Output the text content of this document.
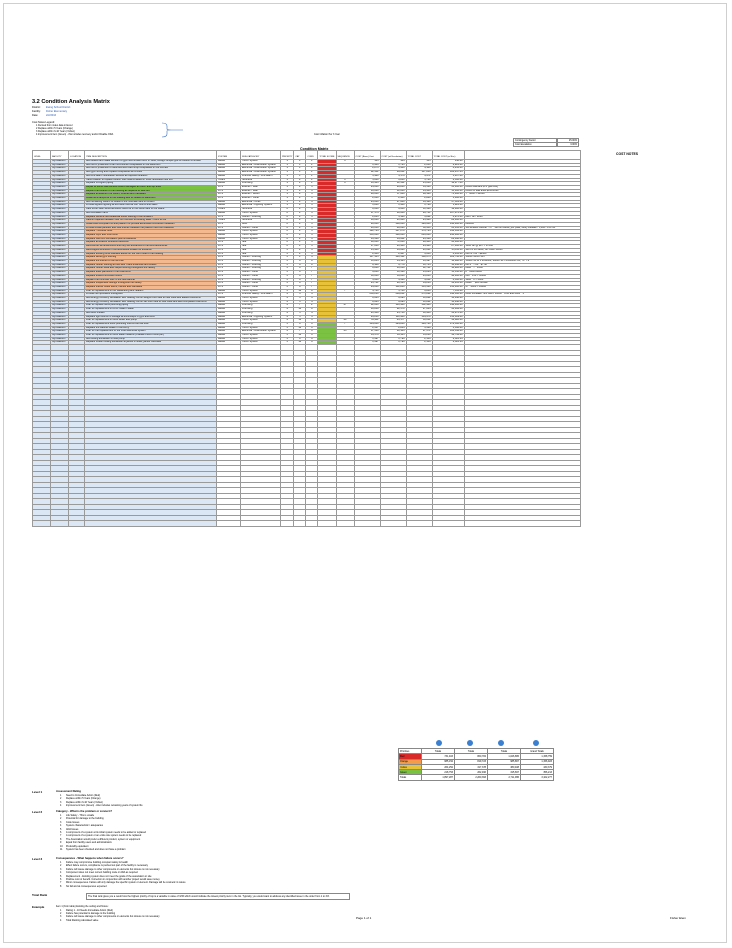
3.2 Condition Analysis Matrix
District: Ewing School District
Facility: Fisher Elementary
Date:	2/2/2016
Cost Notes Legend:
1 Derived from index data in Excel
2 Replace within 5 Years (Change)
3 Replace within 6-10 Years (Yellow)
4 Improvement Item (Green) - this includes recovery and/or Disable ODA	Cost Inflation Per 3 Year
Contingency Factor	25.00%
Cost Escalation	3.00%
Condition Matrix
COST NOTES
LEVEL	FACILITY	LOCATION	ITEM DESCRIPTION	SYSTEM	SUB-CATEGORY	PRIORITY	CAT	COND	TOTAL SCORE	SEQUENCE	COST (Base) Cost	COST (w/ Escalation)	TOTAL COST	TOTAL COST (w/ Esc)	
	Gymnasium		Add outlets and make sensors to gym and smoke room in 1996, Design Scope type w/ bottom to smoke	ME+E	HVAC System	1	1	1		0	133	144	155	158.40	
	Gymnasium		Add GFCI protection to all non-counter receptacles in the bathroom	ME+E	Electrical - Distribution System	1	1	1			1,436	1,723	2,050	2,225.00	
	Gymnasium		Add GFCI protection of switches and fixed shop receptacles in the Kitchen	ME+E	Electrical - Distribution System	1	1	1			2,873	3,446	4,100	4,453.00	
	Gymnasium		Add gym wiring and replace receptacles all circuits	ME+E	Electrical - Distribution System	1	1	1			82,502	99,002	117,800	128,447.34	
	Gymnasium		Add Fire alarm notification devices at required locations	ME+E	Fire/Life Safety - Fire Alarm	1	1	1			3,480	4,176	4,971	5,407.00	
	Gymnasium		Have retainer to replace bottom floor beams added in 1996 renovation wie incr	HCES	Structure	1	2	1		0	5,000	6,800	5,760	6,500.00	
	Gymnasium		Replace 10-figure piping	ME+E	Plumbing	1	2	1		0	10,443	12,532	15,038	16,977.00	
	Gymnasium		Repair at stone stair/window where damaged at return and top area	BTS	Exterior - Wall	1	2	3			24,000	28,800	34,560	35,000.00	25000 wall and $75 (per/650)
	Gymnasium		Repoint the exterior of the building as required to seal out	BTS	Exterior - Wall	1	2	3			10,000	12,000	14,400	15,000.00	25000 sf wall area $3/1250SF
	Gymnasium		Replace all Exterior HM Doors, Frames and Hardware	BTS	Exterior - Doors	1	2	3			48,000	57,600	69,120	75,000.00	7 * 6000 = 42000
	Gymnasium		Install GFR lamps tie in the building and fix outlets in bathroom	BTS	Exterior - Other	1	2	3			2,000	2,400	2,880	3,000.00	
	Gymnasium		Add remaining cavern of heads in the mountain and lift covers	ME+E	Electrical - Other	1	2	3			23,000	27,600	33,120	37,581.00	
	Gymnasium		Provide egress lighting at exit doors and at corr rooms and stairs	ME+E	Electrical - Lighting System	1	2	3			1,200	1,440	1,728	1,925.00	
	Gymnasium		Cast scrub stein wood demolish block tie in the south face of the board	HCES	Structure	2	2	3			8,000	9,600	11,520	12,800.00	
	Gymnasium		Add ventilation fans	ME+E	HVAC System	2	2	3			67,174	80,609	96,731	107,476.00	
	Gymnasium		Replace ceramic and seasonal stone flooring in the showers	BTS	Interior - Flooring	2	2	3			2,843	3,160	3,822	4,270.00	2887 SF / 2840
	Gymnasium		Cast-in required between floor off mid-shift to existing walls - room to the	HCES	Structure	2	2	3			18,000	21,600	25,920	28,000.00	
	Gymnasium		Install ADA-compliant lift and platform to provide accessible connection between	BTS	ADA	2	2	3			90,000	108,000	129,600	140,000.00	000000
	Gymnasium		Provide a wall partition and new interior between the platform and the Cafeteria	BTS	Interior - Other	2	2	3			40,050	48,060	58,950	65,163.00	1/8 window counter - 57 * 120 sm Block, jolt (stair, stuff) mediate - 5,000 / 150 SF
	Gymnasium		Replace - Window units	ME+E	HVAC System	2	2	3			122,724	147,270	176,724	196,364.00	
	Gymnasium		Replace Gym and Pool units	ME+E	HVAC System	2	2	3			150,000	180,000	216,000	240,000.00	
	Gymnasium		Replace cast iron ventilation pool at cafeteria	ME+E	HVAC System	2	2	3			16,368	19,642	23,568	26,188.00	
	Gymnasium		Replace all exterior entrance electrical	BTS	Site	2	1	3			60,000	72,000	86,400	95,000.00	
	Gymnasium		Reconstruct all dimensions and fully MA entrances to the ADA documents	BTS	Site	2	2	3			17,000	20,400	24,480	27,000.00	1000 SF @ $17 = 17000
	Gymnasium		Reconfigure entrance in the accessible location to entrance	BTS	Site	3	2	3			13,400	16,080	21,021	23,911.00	900 LF 20 stone, 8K cover 15000
	Gymnasium		Replace existing brick stairwell above on the north side of the building	BTS	Site	3	2	3			2,456	2,947	3,650	4,035.00	000 sf 700 - $2400
	Gymnasium		Replace wood gym flooring	BTS	Interior - Flooring	3	1	4			117,135	140,562	168,675	186,736.40	15220 SF/11.135
	Gymnasium		Replace the interior of the rec-hall	BTS	Interior - Flooring	3	8	8			11,804	14,165	16,997	18,888.00	15080 SF M x 2011004, 28000 SF x 2600000 Cls, 70* TS
	Gymnasium		Replace rubber flooring at both and Track ensemble and shelter	BTS	Interior - Flooring	3	8	8			8,148	9,778	11,733	13,036.00	0074 * 7.00 * $7.40
	Gymnasium		Replace rubber base and carpet flooring throughout the facility	BTS	Interior - Flooring	3	9	7			8,840	10,618	12,741	14,228.00	2680 * 7 * 2000
	Gymnasium		Replace toilet partitions in the restrooms	BTS	Interior - Other	3	9	7			9,800	11,520	13,824	15,350.00	8 * 1200=9600
	Gymnasium		Replace lockers at Locker Room	BTS	Interior - Other	3	8	7			30,000	36,000	43,200	48,000.00	200 * 150 = 30000
	Gymnasium		Repaint the concrete floor in the Mechanical	BTS	Interior - Flooring	3	9	7			3,600	4,320	4,032	4,500.00	1800 * 2 = 3600
	Gymnasium		Replace suspended ceilings throughout the facility	BTS	Interior - Other	3	9	7			23,761	28,513	34,216	38,465.00	23887 * $11 x1011e
	Gymnasium		Replace interior wood doors, frames and hardware	BTS	Interior - Other	3	9	7			94,000	112,800	135,360	150,000.00	47 * 2000 = 94000
	Gymnasium		Plan for replacement of the Weathering and heaters	ME+E	HVAC System	3	11	9		7	4,700	5,700	6,800	7,555.00	
	Gymnasium		Provide fire sprinklers throughout	BTS	Fire/Life Safety - Fire Alarm	4	3	4			258,210	309,852	371,822	418,318.00	6318 sm/water. 5Inf oven. 10000 * 9.00 and 6000 * 1
	Gymnasium		Add energy recovery ventilation with heating coil on weight room due to new code and added restrooms	ME+E	HVAC System	4	3	4			8,083	9,693	11,862	13,038.00	
	Gymnasium		Add energy recovery ventilation with heating coil on set room due to new code and also completed restrooms	ME+E	HVAC System	4	3	4			8,083	9,693	11,862	13,038.00	
	Gymnasium		Plan for replace slshs plumbing piping	ME+E	Plumbing	4	7	2		47	92,000	110,400	132,480	148,000.00	
	Gymnasium		Plan for replacement of DHW Water Heater	ME+E	Plumbing	4	11	9			18,808	22,570	27,084	30,094.00	
	Gymnasium		Add ADA shower	ME+E	Plumbing	4	5	4			21,458	25,750	30,900	34,270.00	
	Gymnasium		Replace light source in storage at extra steps in gym and ADA	ME+E	Electrical - Lighting System	4	5	4			93,250	111,900	134,970	150,389.00	
	Gymnasium		Plan for replacement of 2000 Boiler and pump	ME+E	HVAC System	4	11	3		20	35,911	43,177	50,012	58,028.00	
	Gymnasium		Plan for replacement 2000 plumbing Pan-ss out low flow	ME+E	Plumbing	5	9	6		7	104,000	124,800	149,760	176,500.00	
	Gymnasium		Replace the cabinet heater in the entry	ME+E	HVAC System	5	11	6			2,337	2,804	3,329	3,566.00	
	Gymnasium		Plan for the replacement of the 1996 electrical system	ME+E	Electrical - Distribution System	4	7	6		23	67,510	81,143	97,371	108,542.00	
	Gymnasium		Plan for replacement of 2000 water heaters (2 lauders and 2 units per)	ME+E	HVAC System	5	11	6			35,576	43,115	55,210	58,732.00	
	Gymnasium		Add ceiling exhauster to fluid pump	ME+E	HVAC System	5	9	6			1,497	1,796	2,156	2,523.14	
	Gymnasium		Replace broken ceiling exhauster at janitor's closet, janitor carousell	ME+E	HVAC System	5	11	6			1,497	1,796	2,156	2,523.14	

Priorities	Totals	Totals	Totals	Grand Totals
Red	731,403	860,784	1,026,865	1,158,759
Orange	685,152	819,723	985,867	1,156,923
Yellow	264,252	317,378	380,408	430,379
Green	218,753	262,496	315,697	356,213
Totals	1,897,287	2,260,393	2,711,995	3,102,277
Level 1	Assessment Rating
1 Need to Immediate Action (Red)
2 Replace within 5 Years (Orange)
3 Replace within 6-10 Years (Yellow)
4 Improvement Item (Green) - Also includes remaining years of system life
Level 2	Category - What is the problem or concern?
1 Life Safety - This is unsafe
2 Potential for damage to the building
3 Code Issues
4 System characteristic / adequacies
5 ADA Issues
6 A component of a system at its initial system needs to be added or replaced
7 A component of a system or an entire site system needs to be replaced
8 The Association would prefer a different product, system or equipment
9 Equal from facility users and administrators
10 Preferably equivalent
11 System has been checked and does not have a problem
Level 3	Consequences - What happens when failure occurs?
1 Failure may compromise building occupant safety & health
2 Effect failure occurs, compliance is pushed out part of the facility is necessary
3 Failure will cause damage to other components or elements but closure is not necessary
4 Component does not meet current building code or ADA as required
5 Replacement - Existing system does not meet the goals of the association or site
6 Positive cost or benefit. Correction in conjunction with another project would save money
7 Minor consequences. Failure will only damage the specific system or element. Damage will be cosmetic in nature
8 No fail and at consequences expected
Total Rank	The final rank gives you a result how the highest priority of top is a variable in value of 3/36 which would indicate the lowest priority item in the list. Typically, you would want to address any identified issue in the order from 1 to 3/3.
Example	Item 1 (from table) Existing the ceiling and fixture:
1 Rating 1 - 10 Needs Immediate Action (Red)
2 Failure has potential to damage to the building
3 Failure will cause damage to other components or elements but closure is not necessary
4 Total Ranking calculated value
Page 1 of 1	Fisher Elem
